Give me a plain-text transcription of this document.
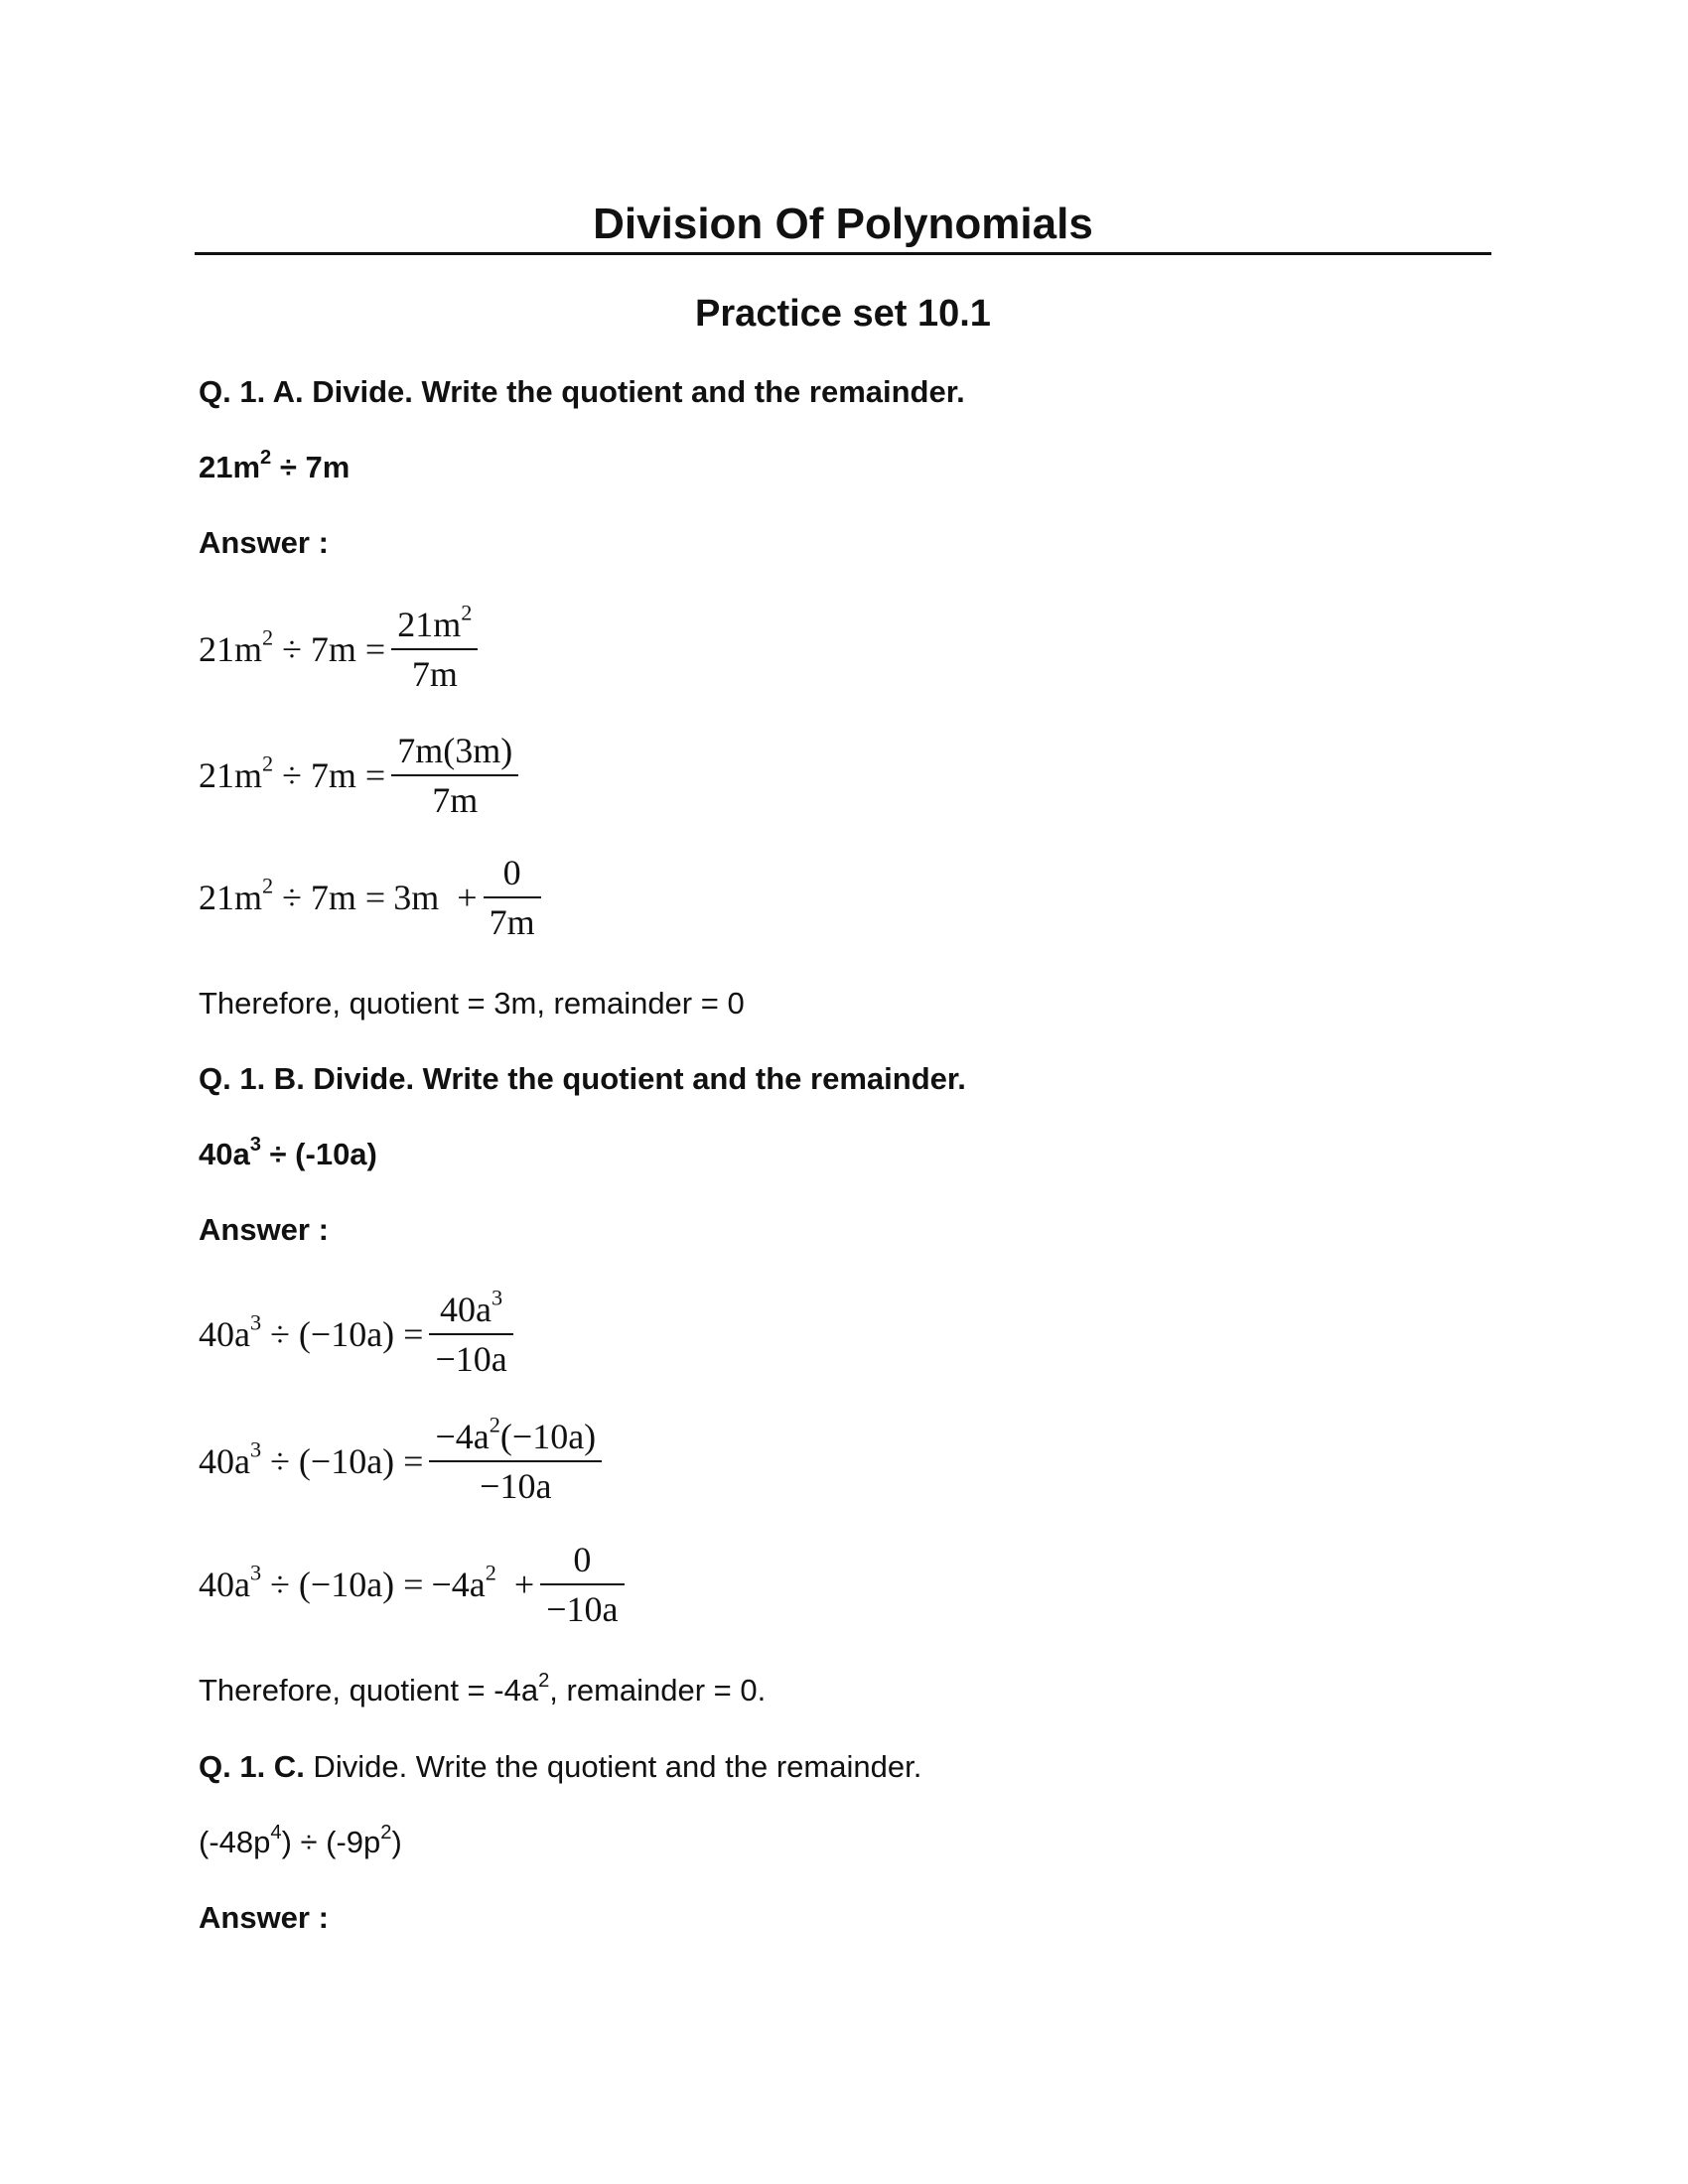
Division Of Polynomials
Practice set 10.1
Q. 1. A. Divide. Write the quotient and the remainder.
$21m^2 \div 7m$
Answer :
$21m^2 \div 7m = \frac{21m^2}{7m}$
$21m^2 \div 7m = \frac{7m(3m)}{7m}$
$21m^2 \div 7m = 3m + \frac{0}{7m}$
Therefore, quotient = 3m, remainder = 0
Q. 1. B. Divide. Write the quotient and the remainder.
$40a^3 \div (-10a)$
Answer :
$40a^3 \div (-10a) = \frac{40a^3}{-10a}$
$40a^3 \div (-10a) = \frac{-4a^2(-10a)}{-10a}$
$40a^3 \div (-10a) = -4a^2 + \frac{0}{-10a}$
Therefore, quotient = $-4a^2$, remainder = 0.
Q. 1. C. Divide. Write the quotient and the remainder.
$(-48p^4) \div (-9p^2)$
Answer :
